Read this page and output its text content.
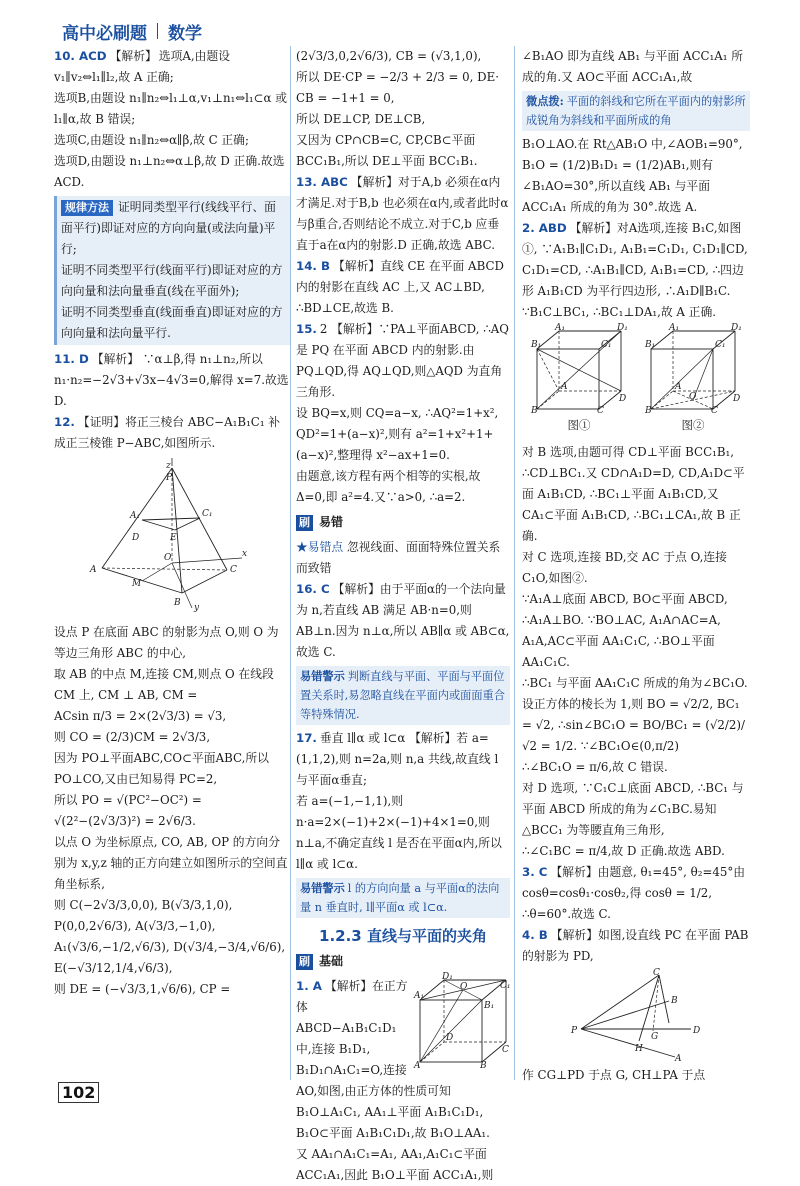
高中必刷题 数学

10. ACD 【解析】 选项A,由题设 v₁∥v₂⇔l₁∥l₂,故 A 正确;

选项B,由题设 n₁∥n₂⇔l₁⊥α,v₁⊥n₁⇔l₁⊂α 或 l₁∥α,故 B 错误;

选项C,由题设 n₁∥n₂⇔α∥β,故 C 正确;

选项D,由题设 n₁⊥n₂⇔α⊥β,故 D 正确.故选 ACD.

规律方法 证明同类型平行(线线平行、面面平行)即证对应的方向向量(或法向量)平行;
证明不同类型平行(线面平行)即证对应的方向向量和法向量垂直(线在平面外);
证明不同类型垂直(线面垂直)即证对应的方向向量和法向量平行.

11. D 【解析】 ∵α⊥β,得 n₁⊥n₂,所以 n₁·n₂=−2√3+√3x−4√3=0,解得 x=7.故选 D.

12. 【证明】将正三棱台 ABC−A₁B₁C₁ 补成正三棱锥 P−ABC,如图所示.

z
P
A₁	C₁
E
D
A	C
B
O
M
x
y

设点 P 在底面 ABC 的射影为点 O,则 O 为等边三角形 ABC 的中心,

取 AB 的中点 M,连接 CM,则点 O 在线段 CM 上, CM ⊥ AB, CM =

ACsin π/3 = 2×(2√3/3) = √3,

则 CO = (2/3)CM = 2√3/3,

因为 PO⊥平面ABC,CO⊂平面ABC,所以 PO⊥CO,又由已知易得 PC=2,

所以 PO = √(PC²−OC²) =

√(2²−(2√3/3)²) = 2√6/3.

以点 O 为坐标原点, CO, AB, OP 的方向分别为 x,y,z 轴的正方向建立如图所示的空间直角坐标系,

则 C(−2√3/3,0,0), B(√3/3,1,0),

P(0,0,2√6/3), A(√3/3,−1,0),

A₁(√3/6,−1/2,√6/3), D(√3/4,−3/4,√6/6),

E(−√3/12,1/4,√6/3),

则 DE = (−√3/3,1,√6/6), CP =

(2√3/3,0,2√6/3), CB = (√3,1,0),

所以 DE·CP = −2/3 + 2/3 = 0, DE·

CB = −1+1 = 0,

所以 DE⊥CP, DE⊥CB,

又因为 CP∩CB=C, CP,CB⊂平面 BCC₁B₁,所以 DE⊥平面 BCC₁B₁.

13. ABC 【解析】对于A,b 必须在α内才满足.对于B,b 也必须在α内,或者此时α与β重合,否则结论不成立.对于C,b 应垂直于a在α内的射影.D 正确,故选 ABC.

14. B 【解析】直线 CE 在平面 ABCD 内的射影在直线 AC 上,又 AC⊥BD, ∴BD⊥CE,故选 B.

15. 2 【解析】∵PA⊥平面ABCD, ∴AQ 是 PQ 在平面 ABCD 内的射影.由 PQ⊥QD,得 AQ⊥QD,则△AQD 为直角三角形.

设 BQ=x,则 CQ=a−x, ∴AQ²=1+x², QD²=1+(a−x)²,则有 a²=1+x²+1+(a−x)²,整理得 x²−ax+1=0.

由题意,该方程有两个相等的实根,故 Δ=0,即 a²=4.又∵a>0, ∴a=2.

刷 易错

★易错点 忽视线面、面面特殊位置关系而致错

16. C 【解析】由于平面α的一个法向量为 n,若直线 AB 满足 AB·n=0,则 AB⊥n.因为 n⊥α,所以 AB∥α 或 AB⊂α,故选 C.

易错警示 判断直线与平面、平面与平面位置关系时,易忽略直线在平面内或面面重合等特殊情况.

17. 垂直 l∥α 或 l⊂α 【解析】若 a=(1,1,2),则 n=2a,则 n,a 共线,故直线 l 与平面α垂直;

若 a=(−1,−1,1),则 n·a=2×(−1)+2×(−1)+4×1=0,则 n⊥a,不确定直线 l 是否在平面α内,所以 l∥α 或 l⊂α.

易错警示 l 的方向向量 a 与平面α的法向量 n 垂直时, l∥平面α 或 l⊂α.
1.2.3 直线与平面的夹角
刷 基础
A₁
D₁
C₁
B₁
O
A
D
C
B

1. A 【解析】在正方体 ABCD−A₁B₁C₁D₁ 中,连接 B₁D₁, B₁D₁∩A₁C₁=O,连接 AO,如图,由正方体的性质可知 B₁O⊥A₁C₁, AA₁⊥平面 A₁B₁C₁D₁, B₁O⊂平面 A₁B₁C₁D₁,故 B₁O⊥AA₁.

又 AA₁∩A₁C₁=A₁, AA₁,A₁C₁⊂平面 ACC₁A₁,因此 B₁O⊥平面 ACC₁A₁,则

∠B₁AO 即为直线 AB₁ 与平面 ACC₁A₁ 所成的角.又 AO⊂平面 ACC₁A₁,故

微点拨: 平面的斜线和它所在平面内的射影所成锐角为斜线和平面所成的角

B₁O⊥AO.在 Rt△AB₁O 中,∠AOB₁=90°, B₁O = (1/2)B₁D₁ = (1/2)AB₁,则有 ∠B₁AO=30°,所以直线 AB₁ 与平面 ACC₁A₁ 所成的角为 30°.故选 A.

2. ABD 【解析】对A选项,连接 B₁C,如图①, ∵A₁B₁∥C₁D₁, A₁B₁=C₁D₁, C₁D₁∥CD, C₁D₁=CD, ∴A₁B₁∥CD, A₁B₁=CD, ∴四边形 A₁B₁CD 为平行四边形, ∴A₁D∥B₁C. ∵B₁C⊥BC₁, ∴BC₁⊥DA₁,故 A 正确.

A₁	D₁
B₁	C₁
A
D
B	C
A₁	D₁
B₁	C₁
A
D
B	C
O
图①	图②

对 B 选项,由题可得 CD⊥平面 BCC₁B₁, ∴CD⊥BC₁.又 CD∩A₁D=D, CD,A₁D⊂平面 A₁B₁CD, ∴BC₁⊥平面 A₁B₁CD,又 CA₁⊂平面 A₁B₁CD, ∴BC₁⊥CA₁,故 B 正确.

对 C 选项,连接 BD,交 AC 于点 O,连接 C₁O,如图②.

∵A₁A⊥底面 ABCD, BO⊂平面 ABCD, ∴A₁A⊥BO. ∵BO⊥AC, A₁A∩AC=A, A₁A,AC⊂平面 AA₁C₁C, ∴BO⊥平面 AA₁C₁C.

∴BC₁ 与平面 AA₁C₁C 所成的角为∠BC₁O.设正方体的棱长为 1,则 BO = √2/2, BC₁ = √2, ∴sin∠BC₁O = BO/BC₁ = (√2/2)/√2 = 1/2. ∵∠BC₁O∈(0,π/2)

∴∠BC₁O = π/6,故 C 错误.

对 D 选项, ∵C₁C⊥底面 ABCD, ∴BC₁ 与平面 ABCD 所成的角为∠C₁BC.易知△BCC₁ 为等腰直角三角形,

∴∠C₁BC = π/4,故 D 正确.故选 ABD.

3. C 【解析】由题意, θ₁=45°, θ₂=45°由 cosθ=cosθ₁·cosθ₂,得 cosθ = 1/2, ∴θ=60°.故选 C.

4. B 【解析】如图,设直线 PC 在平面 PAB 的射影为 PD,

P
B
C
G
D
H
A

作 CG⊥PD 于点 G, CH⊥PA 于点

102
